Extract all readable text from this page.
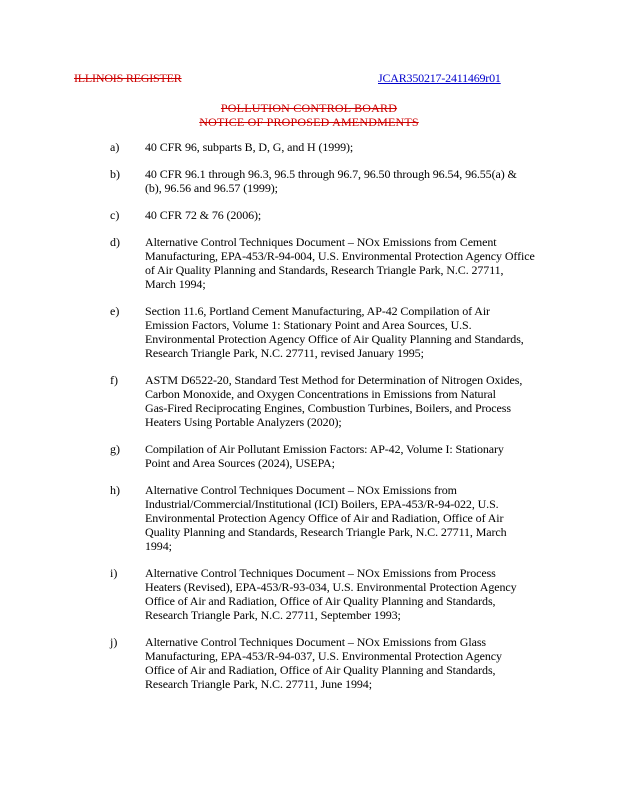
ILLINOIS REGISTER	JCAR350217-2411469r01
POLLUTION CONTROL BOARD
NOTICE OF PROPOSED AMENDMENTS
a) 40 CFR 96, subparts B, D, G, and H (1999);
b) 40 CFR 96.1 through 96.3, 96.5 through 96.7, 96.50 through 96.54, 96.55(a) &
(b), 96.56 and 96.57 (1999);
c) 40 CFR 72 & 76 (2006);
d) Alternative Control Techniques Document – NOx Emissions from Cement
Manufacturing, EPA-453/R-94-004, U.S. Environmental Protection Agency Office
of Air Quality Planning and Standards, Research Triangle Park, N.C. 27711,
March 1994;
e) Section 11.6, Portland Cement Manufacturing, AP-42 Compilation of Air
Emission Factors, Volume 1: Stationary Point and Area Sources, U.S.
Environmental Protection Agency Office of Air Quality Planning and Standards,
Research Triangle Park, N.C. 27711, revised January 1995;
f) ASTM D6522-20, Standard Test Method for Determination of Nitrogen Oxides,
Carbon Monoxide, and Oxygen Concentrations in Emissions from Natural
Gas-Fired Reciprocating Engines, Combustion Turbines, Boilers, and Process
Heaters Using Portable Analyzers (2020);
g) Compilation of Air Pollutant Emission Factors: AP-42, Volume I: Stationary
Point and Area Sources (2024), USEPA;
h) Alternative Control Techniques Document – NOx Emissions from
Industrial/Commercial/Institutional (ICI) Boilers, EPA-453/R-94-022, U.S.
Environmental Protection Agency Office of Air and Radiation, Office of Air
Quality Planning and Standards, Research Triangle Park, N.C. 27711, March
1994;
i) Alternative Control Techniques Document – NOx Emissions from Process
Heaters (Revised), EPA-453/R-93-034, U.S. Environmental Protection Agency
Office of Air and Radiation, Office of Air Quality Planning and Standards,
Research Triangle Park, N.C. 27711, September 1993;
j) Alternative Control Techniques Document – NOx Emissions from Glass
Manufacturing, EPA-453/R-94-037, U.S. Environmental Protection Agency
Office of Air and Radiation, Office of Air Quality Planning and Standards,
Research Triangle Park, N.C. 27711, June 1994;
